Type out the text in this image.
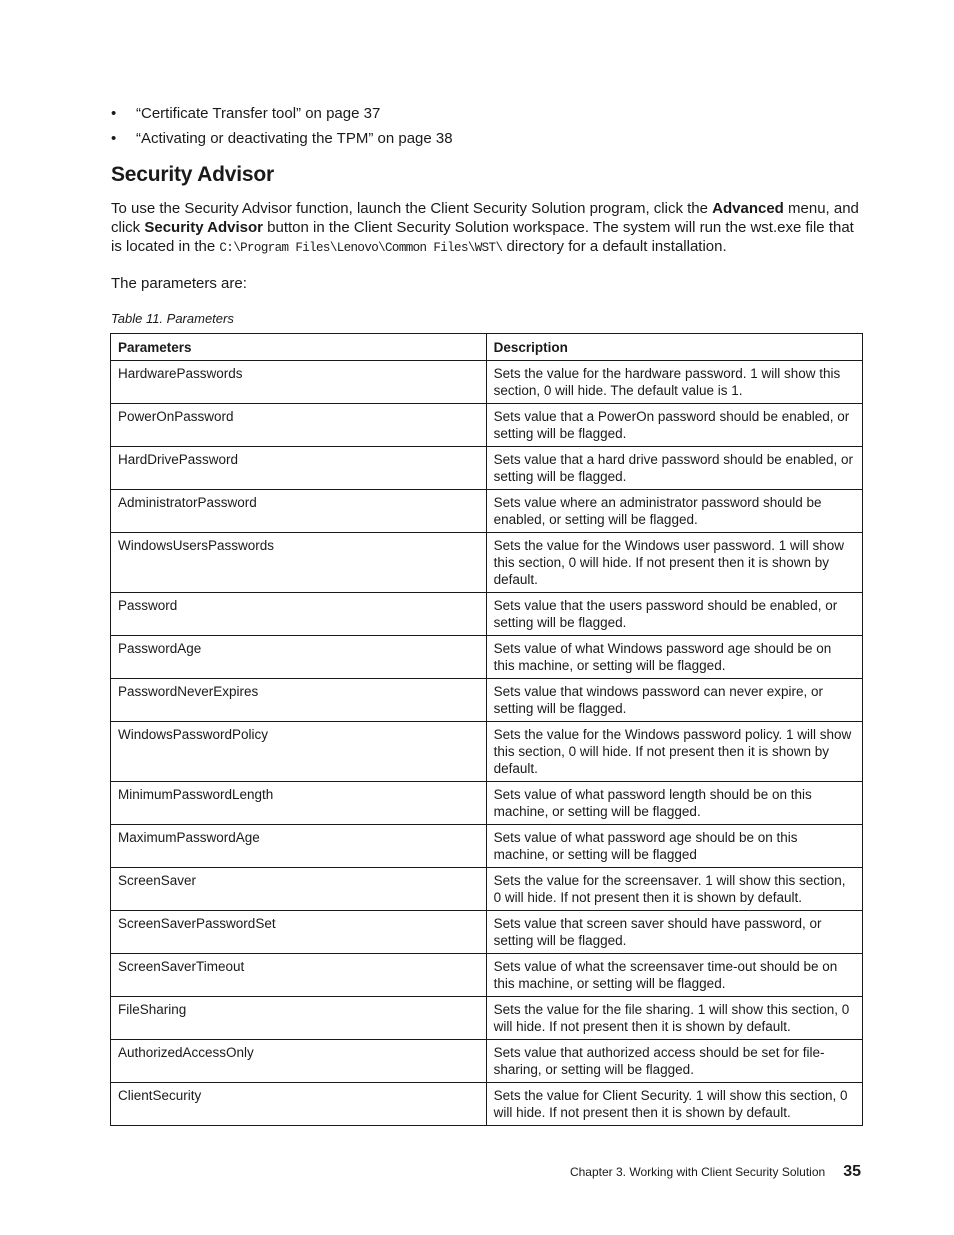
• “Certificate Transfer tool” on page 37
• “Activating or deactivating the TPM” on page 38
Security Advisor

To use the Security Advisor function, launch the Client Security Solution program, click the Advanced menu, and click Security Advisor button in the Client Security Solution workspace. The system will run the wst.exe file that is located in the C:\Program Files\Lenovo\Common Files\WST\ directory for a default installation.

The parameters are:

Table 11. Parameters

Parameters	Description
HardwarePasswords	Sets the value for the hardware password. 1 will show this section, 0 will hide. The default value is 1.
PowerOnPassword	Sets value that a PowerOn password should be enabled, or setting will be flagged.
HardDrivePassword	Sets value that a hard drive password should be enabled, or setting will be flagged.
AdministratorPassword	Sets value where an administrator password should be enabled, or setting will be flagged.
WindowsUsersPasswords	Sets the value for the Windows user password. 1 will show this section, 0 will hide. If not present then it is shown by default.
Password	Sets value that the users password should be enabled, or setting will be flagged.
PasswordAge	Sets value of what Windows password age should be on this machine, or setting will be flagged.
PasswordNeverExpires	Sets value that windows password can never expire, or setting will be flagged.
WindowsPasswordPolicy	Sets the value for the Windows password policy. 1 will show this section, 0 will hide. If not present then it is shown by default.
MinimumPasswordLength	Sets value of what password length should be on this machine, or setting will be flagged.
MaximumPasswordAge	Sets value of what password age should be on this machine, or setting will be flagged
ScreenSaver	Sets the value for the screensaver. 1 will show this section, 0 will hide. If not present then it is shown by default.
ScreenSaverPasswordSet	Sets value that screen saver should have password, or setting will be flagged.
ScreenSaverTimeout	Sets value of what the screensaver time-out should be on this machine, or setting will be flagged.
FileSharing	Sets the value for the file sharing. 1 will show this section, 0 will hide. If not present then it is shown by default.
AuthorizedAccessOnly	Sets value that authorized access should be set for file-sharing, or setting will be flagged.
ClientSecurity	Sets the value for Client Security. 1 will show this section, 0 will hide. If not present then it is shown by default.
Chapter 3. Working with Client Security Solution 35
